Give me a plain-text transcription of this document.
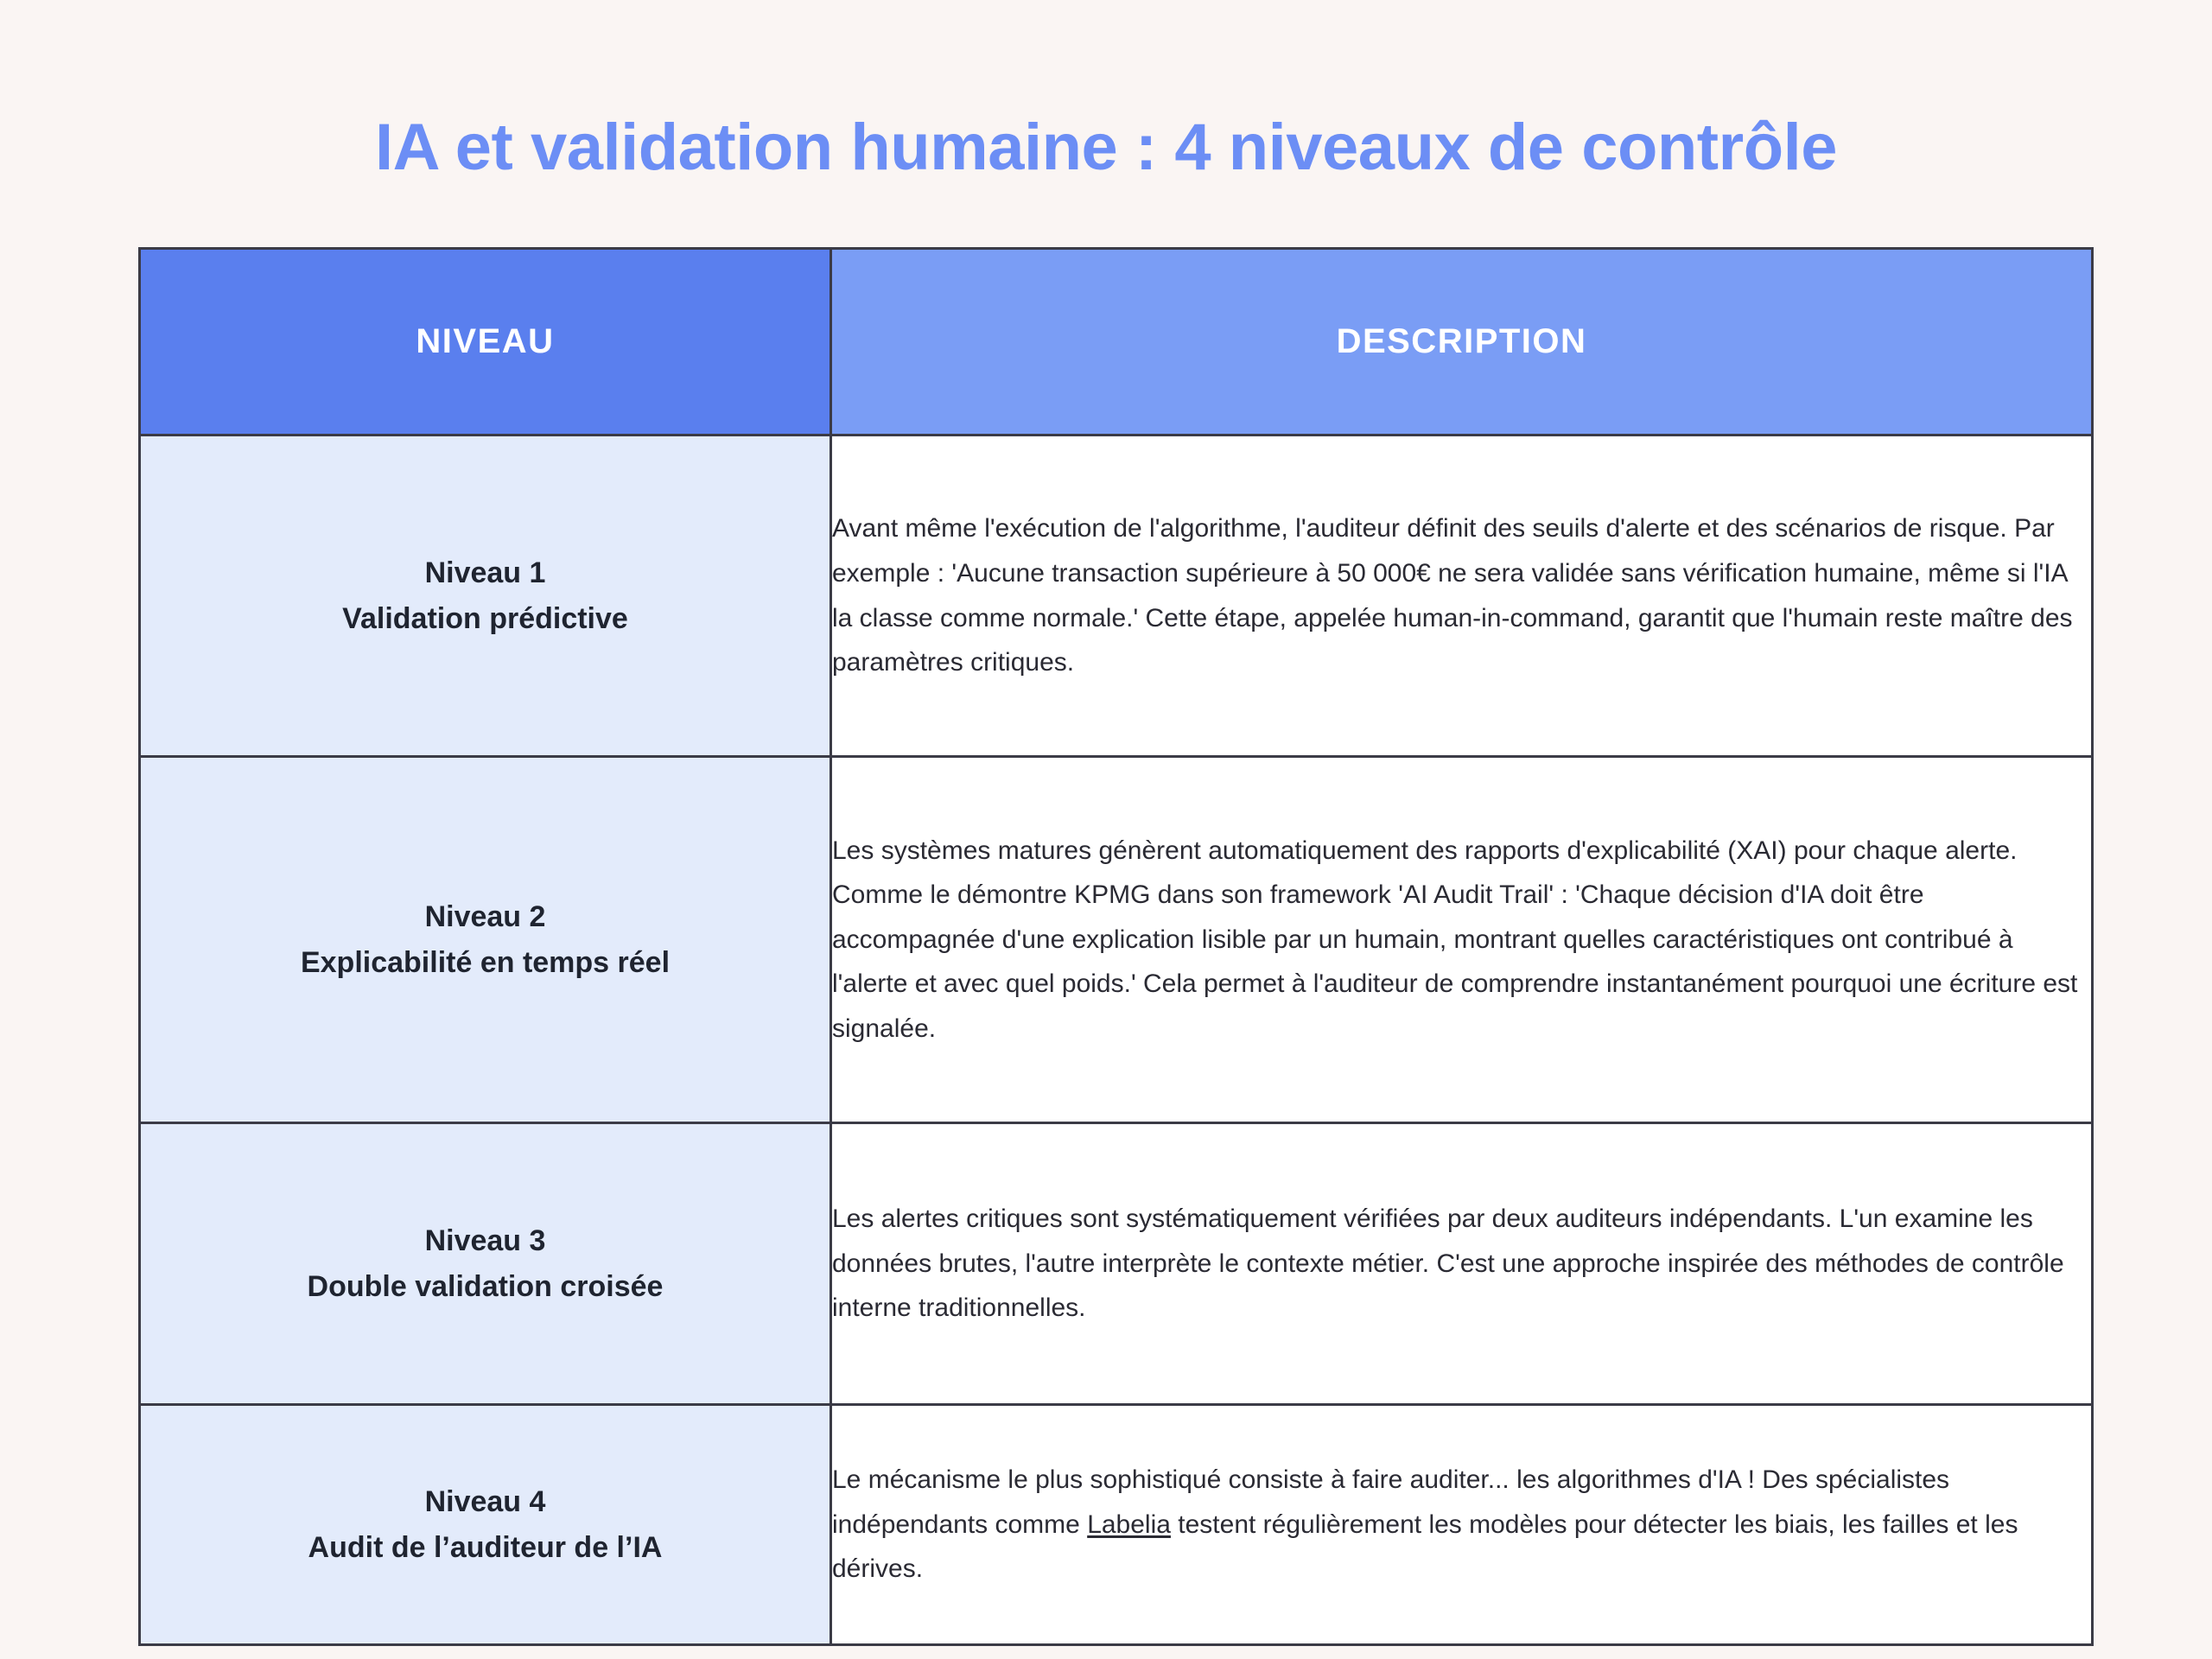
IA et validation humaine : 4 niveaux de contrôle
NIVEAU	DESCRIPTION

Niveau 1
Validation prédictive	Avant même l'exécution de l'algorithme, l'auditeur définit des seuils d'alerte et des scénarios de risque. Par exemple : 'Aucune transaction supérieure à 50 000€ ne sera validée sans vérification humaine, même si l'IA la classe comme normale.' Cette étape, appelée human-in-command, garantit que l'humain reste maître des paramètres critiques.

Niveau 2
Explicabilité en temps réel	Les systèmes matures génèrent automatiquement des rapports d'explicabilité (XAI) pour chaque alerte. Comme le démontre KPMG dans son framework 'AI Audit Trail' : 'Chaque décision d'IA doit être accompagnée d'une explication lisible par un humain, montrant quelles caractéristiques ont contribué à l'alerte et avec quel poids.' Cela permet à l'auditeur de comprendre instantanément pourquoi une écriture est signalée.

Niveau 3
Double validation croisée	Les alertes critiques sont systématiquement vérifiées par deux auditeurs indépendants. L'un examine les données brutes, l'autre interprète le contexte métier. C'est une approche inspirée des méthodes de contrôle interne traditionnelles.

Niveau 4
Audit de l’auditeur de l’IA	Le mécanisme le plus sophistiqué consiste à faire auditer... les algorithmes d'IA ! Des spécialistes indépendants comme Labelia testent régulièrement les modèles pour détecter les biais, les failles et les dérives.
